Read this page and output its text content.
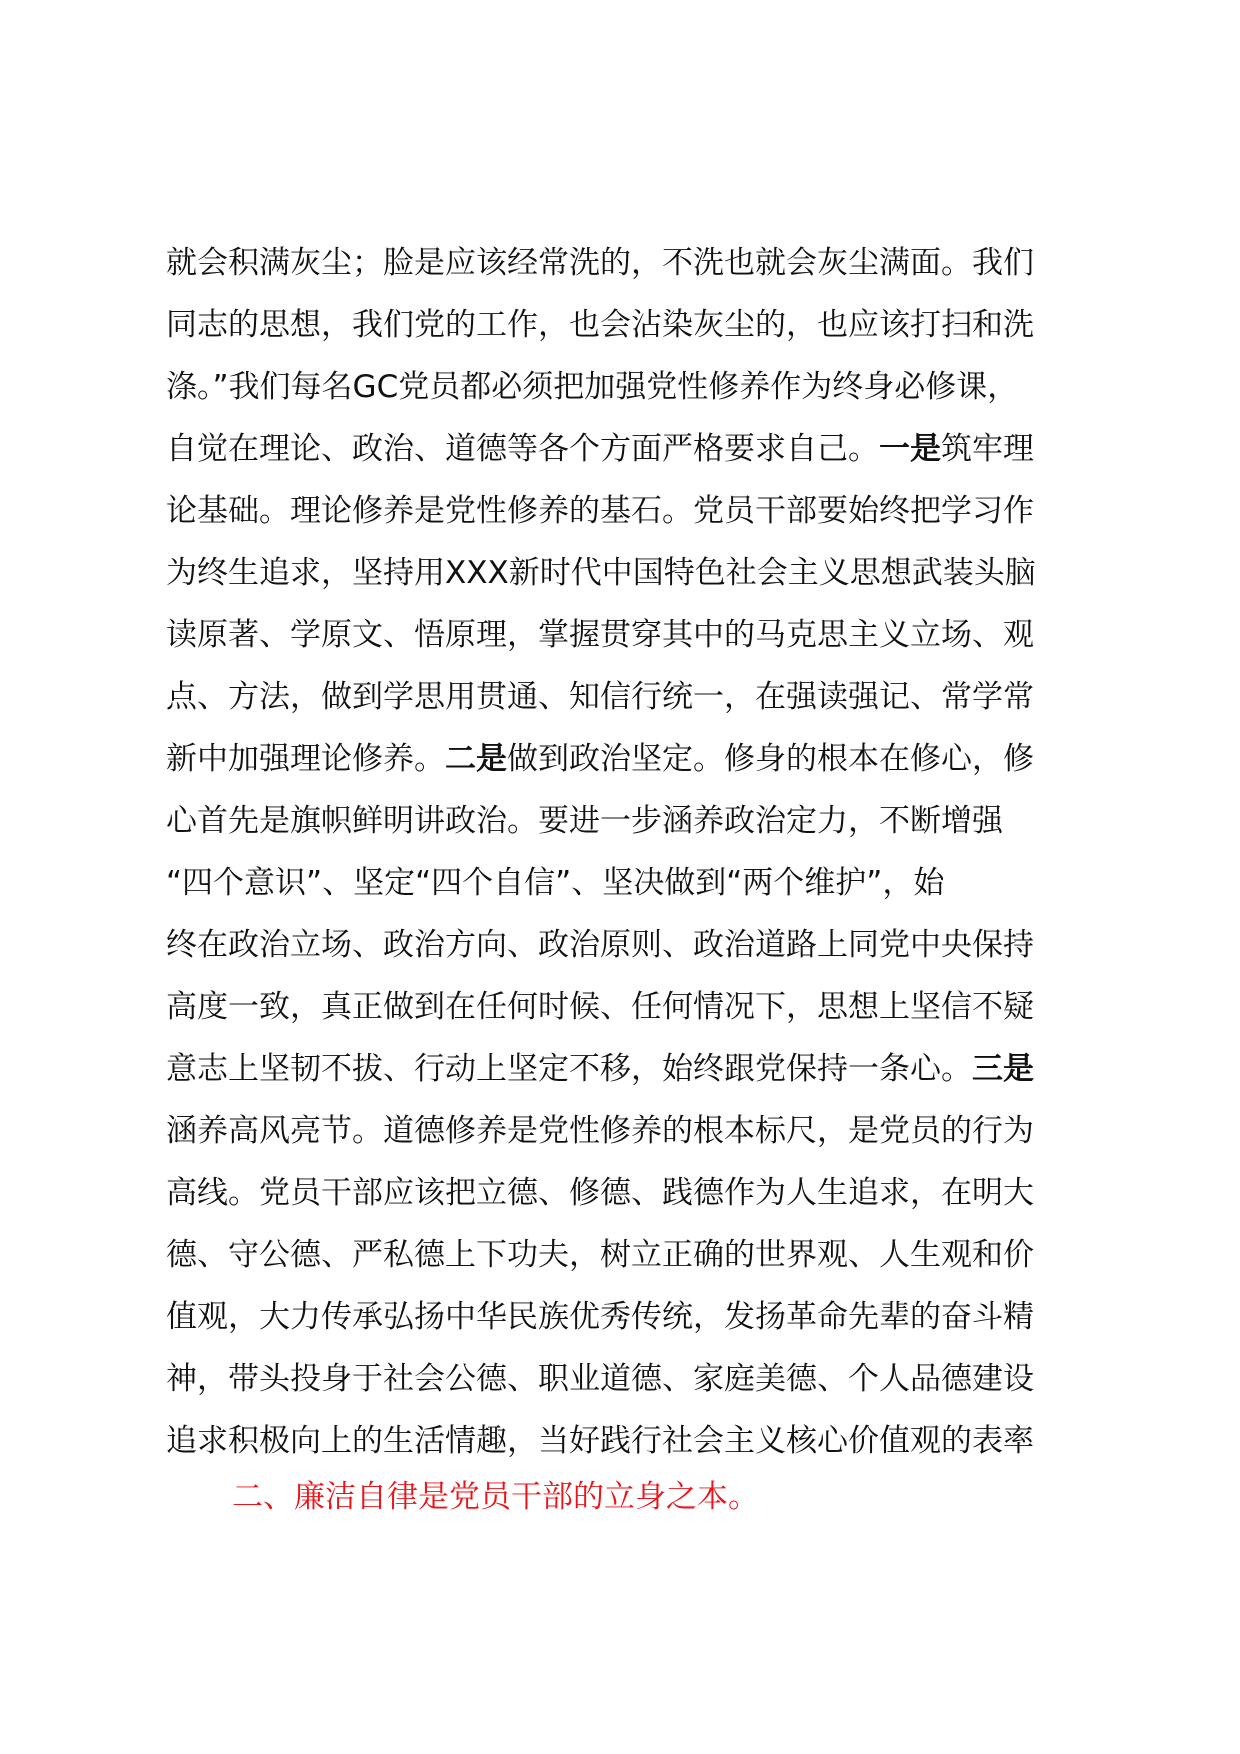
就会积满灰尘；脸是应该经常洗的，不洗也就会灰尘满面。我们
同志的思想，我们党的工作，也会沾染灰尘的，也应该打扫和洗
涤。”我们每名GC党员都必须把加强党性修养作为终身必修课，
自觉在理论、政治、道德等各个方面严格要求自己。一是筑牢理
论基础。理论修养是党性修养的基石。党员干部要始终把学习作
为终生追求，坚持用XXX新时代中国特色社会主义思想武装头脑
读原著、学原文、悟原理，掌握贯穿其中的马克思主义立场、观
点、方法，做到学思用贯通、知信行统一，在强读强记、常学常
新中加强理论修养。二是做到政治坚定。修身的根本在修心，修
心首先是旗帜鲜明讲政治。要进一步涵养政治定力，不断增强
“四个意识”、坚定“四个自信”、坚决做到“两个维护”，始
终在政治立场、政治方向、政治原则、政治道路上同党中央保持
高度一致，真正做到在任何时候、任何情况下，思想上坚信不疑
意志上坚韧不拔、行动上坚定不移，始终跟党保持一条心。三是
涵养高风亮节。道德修养是党性修养的根本标尺，是党员的行为
高线。党员干部应该把立德、修德、践德作为人生追求，在明大
德、守公德、严私德上下功夫，树立正确的世界观、人生观和价
值观，大力传承弘扬中华民族优秀传统，发扬革命先辈的奋斗精
神，带头投身于社会公德、职业道德、家庭美德、个人品德建设
追求积极向上的生活情趣，当好践行社会主义核心价值观的表率
二、廉洁自律是党员干部的立身之本。
